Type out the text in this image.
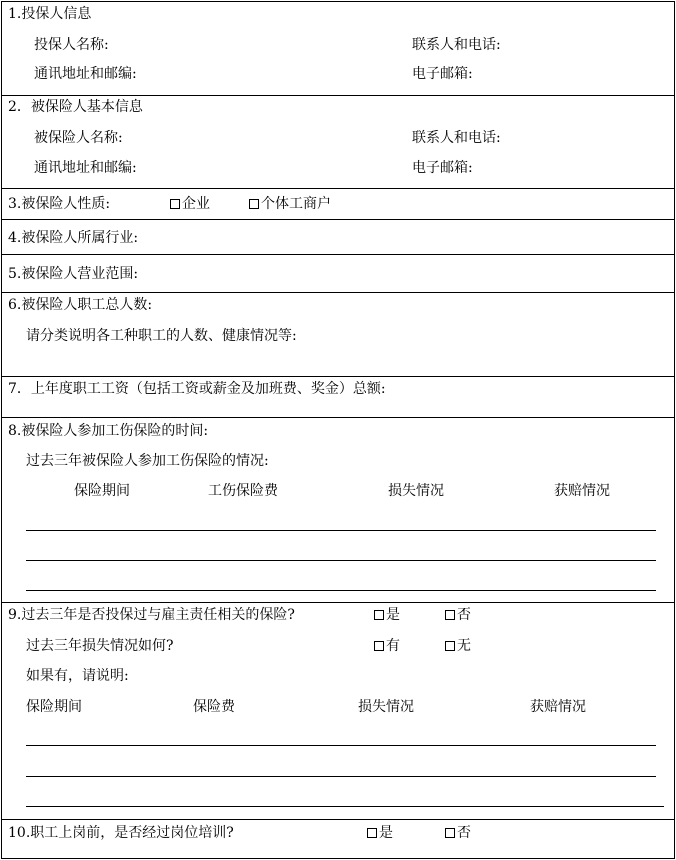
1.投保人信息
投保人名称:	联系人和电话:
通讯地址和邮编:	电子邮箱:
2．被保险人基本信息
被保险人名称:	联系人和电话:
通讯地址和邮编:	电子邮箱:
3.被保险人性质:	企业	个体工商户
4.被保险人所属行业:
5.被保险人营业范围:
6.被保险人职工总人数:
请分类说明各工种职工的人数、健康情况等:
7．上年度职工工资（包括工资或薪金及加班费、奖金）总额:
8.被保险人参加工伤保险的时间:
过去三年被保险人参加工伤保险的情况:
保险期间	工伤保险费	损失情况	获赔情况
9.过去三年是否投保过与雇主责任相关的保险?	是	否
过去三年损失情况如何?	有	无
如果有，请说明:
保险期间	保险费	损失情况	获赔情况
10.职工上岗前，是否经过岗位培训?	是	否
